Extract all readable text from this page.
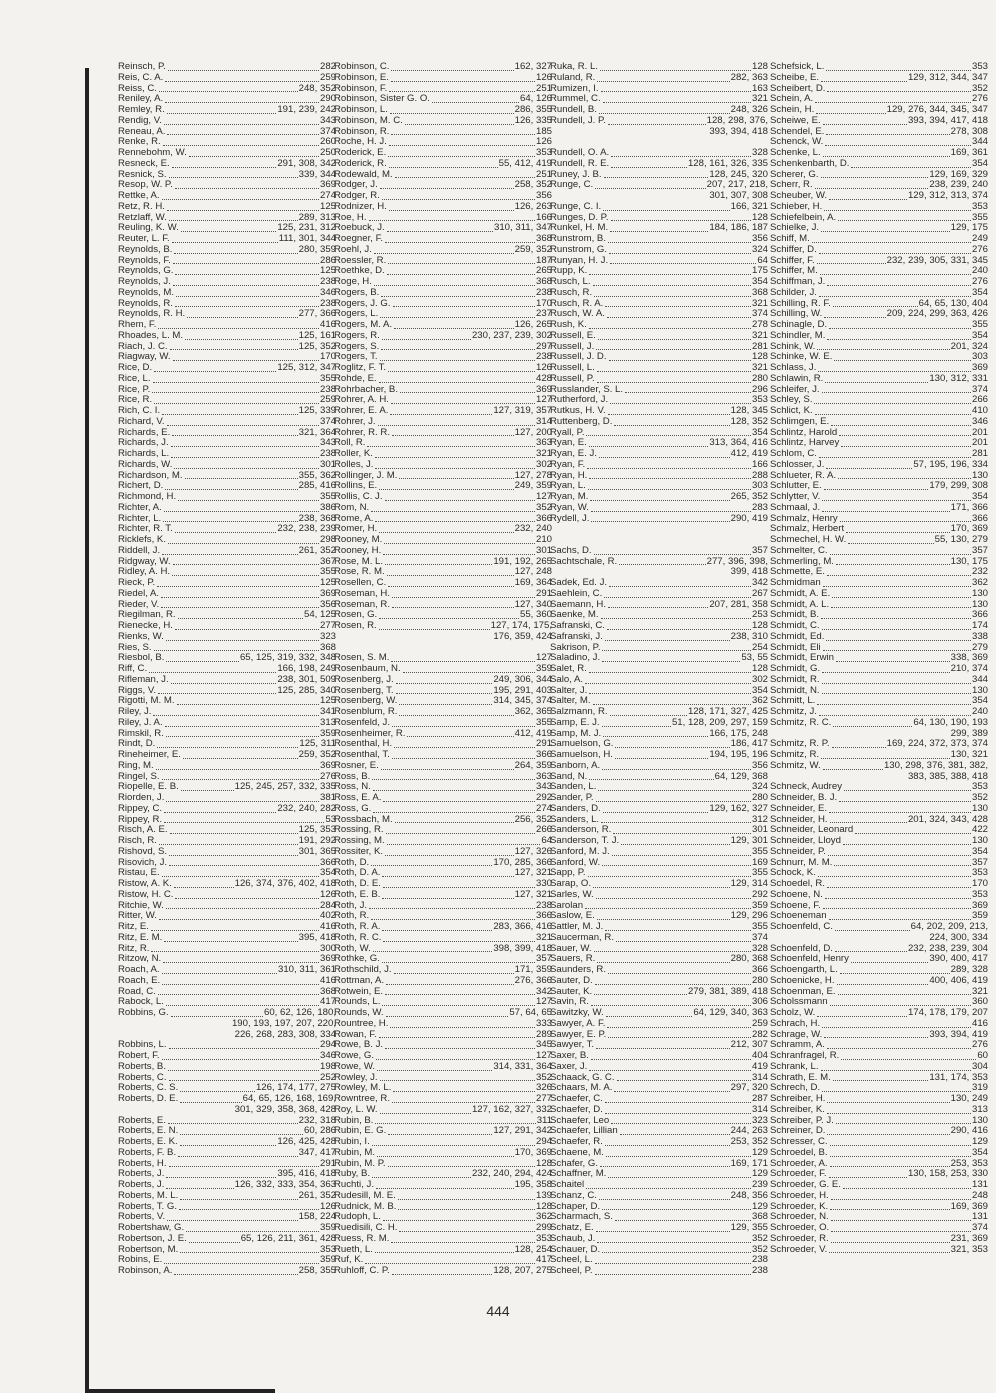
Reinsch, P.	282
Reis, C. A.	259
Reiss, C.	248, 352
Reniley, A.	290
Remley, R.	191, 239, 242
Rendig, V.	343
Reneau, A.	374
Renke, R.	260
Rennebohm, W.	250
Resneck, E.	291, 308, 342
Resnick, S.	339, 344
Resop, W. P.	369
Rettke, A.	274
Retz, R. H.	125
Retzlaff, W.	289, 313
Reuling, K. W.	125, 231, 312
Reuter, L. F.	111, 301, 344
Reynolds, B.	280, 359
Reynolds, F.	286
Reynolds, G.	125
Reynolds, J.	238
Reynolds, M.	346
Reynolds, R.	238
Reynolds, R. H.	277, 366
Rhem, F.	416
Rhoades, L. M.	125, 161
Riach, J. C.	125, 352
Riagway, W.	170
Rice, D.	125, 312, 347
Rice, L.	355
Rice, P.	238
Rice, R.	259
Rich, C. I.	125, 339
Richard, V.	374
Richards, E.	321, 364
Richards, J.	343
Richards, L.	238
Richards, W.	301
Richardson, M.	355, 362
Richert, D.	285, 416
Richmond, H.	355
Richter, A.	386
Richter, L.	238, 368
Richter, R. T.	232, 238, 239
Ricklefs, K.	298
Riddell, J.	261, 352
Ridgway, W.	367
Ridley, A. H.	355
Rieck, P.	125
Riedel, A.	369
Rieder, V.	356
Riegilman, R.	54, 125
Rienecke, H.	277
Rienks, W.	323
Ries, S.	368
Riesbol, B.	65, 125, 319, 332, 348
Riff, C.	166, 198, 249
Rifleman, J.	238, 301, 509
Riggs, V.	125, 285, 340
Rigotti, M. M.	125
Riley, J.	341
Riley, J. A.	313
Rimskil, R.	359
Rindt, D.	125, 311
Rineheimer, E.	259, 352
Ring, M.	369
Ringel, S.	276
Riopelle, E. B.	125, 245, 257, 332, 335
Riorden, J.	381
Rippey, C.	232, 240, 282
Rippey, R.	53
Risch, A. E.	125, 353
Risch, R.	191, 292
Rishovd, S.	301, 365
Risovich, J.	366
Ristau, E.	354
Ristow, A. K.	126, 374, 376, 402, 418
Ristow, H. C.	126
Ritchie, W.	284
Ritter, W.	402
Ritz, E.	416
Ritz, E. M.	395, 418
Ritz, R.	300
Ritzow, N.	369
Roach, A.	310, 311, 361
Roach, E.	416
Road, C.	368
Rabock, L.	417
Robbins, G.	60, 62, 126, 180,
190, 193, 197, 207, 220,
226, 268, 283, 308, 334
Robbins, L.	294
Robert, F.	346
Roberts, B.	198
Roberts, C.	252
Roberts, C. S.	126, 174, 177, 275
Roberts, D. E.	64, 65, 126, 168, 169,
301, 329, 358, 368, 428
Roberts, E.	232, 318
Roberts, E. N.	60, 286
Roberts, E. K.	126, 425, 428
Roberts, F. B.	347, 417
Roberts, H.	291
Roberts, J.	395, 416, 418
Roberts, J.	126, 332, 333, 354, 363
Roberts, M. L.	261, 352
Roberts, T. G.	126
Roberts, V.	158, 224
Robertshaw, G.	359
Robertson, J. E.	65, 126, 211, 361, 428
Robertson, M.	353
Robins, E.	359
Robinson, A.	258, 355
Robinson, C.	162, 327
Robinson, E.	126
Robinson, F.	251
Robinson, Sister G. O.	64, 126
Robinson, L.	286, 355
Robinson, M. C.	126, 335
Robinson, R.	185
Roche, H. J.	126
Roderick, E.	353
Roderick, R.	55, 412, 419
Rodewald, M.	251
Rodger, J.	258, 352
Rodger, R.	356
Rodnizer, H.	126, 263
Roe, H.	166
Roebuck, J.	310, 311, 347
Roegner, F.	368
Roehl, J.	259, 352
Roessler, R.	187
Roethke, D.	265
Roge, H.	368
Rogers, B.	238
Rogers, J. G.	170
Rogers, L.	237
Rogers, M. A.	126, 265
Rogers, R.	230, 237, 239, 302
Rogers, S.	297
Rogers, T.	238
Roglitz, F. T.	126
Rohde, E.	428
Rohrbacher, B.	369
Rohrer, A. H.	127
Rohrer, E. A.	127, 319, 357
Rohrer, J.	314
Rohrer, R. R.	127, 200
Roll, R.	363
Roller, K.	321
Rolles, J.	302
Rollinger, J. M.	127, 278
Rollins, E.	249, 359
Rollis, C. J.	127
Rom, N.	352
Rome, A.	366
Romer, H.	232, 240
Rooney, M.	210
Rooney, H.	301
Rose, M. L.	191, 192, 265
Rose, R. M.	127, 248
Rosellen, C.	169, 364
Roseman, H.	291
Roseman, R.	127, 340
Rosen, G.	55, 360
Rosen, R.	127, 174, 175,
176, 359, 424
Rosen, S. M.	127
Rosenbaum, N.	359
Rosenberg, J.	249, 306, 344
Rosenberg, T.	195, 291, 403
Rosenberg, W.	314, 345, 374
Rosenblum, R.	362, 365
Rosenfeld, J.	355
Rosenheimer, R.	412, 419
Rosenthal, H.	291
Rosenthal, T.	366
Rosner, E.	264, 359
Ross, B.	363
Ross, N.	343
Ross, E. A.	292
Ross, G.	274
Rossbach, M.	256, 352
Rossing, R.	266
Rossing, M.	64
Rossiter, K.	127, 326
Roth, D.	170, 285, 366
Roth, D. A.	127, 321
Roth, D. E.	330
Roth, E. B.	127, 321
Roth, J.	238
Roth, R.	366
Roth, R. A.	283, 366, 416
Roth, R. C.	321
Roth, W.	398, 399, 418
Rothke, G.	357
Rothschild, J.	171, 359
Rottman, A.	276, 366
Rotwein, E.	342
Rounds, L.	127
Rounds, W.	57, 64, 65
Rountree, H.	333
Rowan, F.	289
Rowe, B. J.	345
Rowe, G.	127
Rowe, W.	314, 331, 364
Rowley, J.	352
Rowley, M. L.	326
Rowntree, R.	277
Roy, L. W.	127, 162, 327, 332
Rubin, B.	311
Rubin, E. G.	127, 291, 342
Rubin, I.	294
Rubin, M.	170, 369
Rubin, M. P.	128
Ruby, B.	232, 240, 294, 424
Ruchti, J.	195, 358
Rudesill, M. E.	139
Rudnick, M. B.	128
Rudoph, L.	362
Ruedisili, C. H.	299
Ruess, R. M.	353
Rueth, L.	128, 254
Ruf, K.	417
Ruhloff, C. P.	128, 207, 275
Ruka, R. L.	128
Ruland, R.	282, 363
Rumizen, I.	163
Rummel, C.	321
Rundell, B.	248, 326
Rundell, J. P.	128, 298, 376,
393, 394, 418
Rundell, O. A.	328
Rundell, R. E.	128, 161, 326, 335
Runey, J. B.	128, 245, 320
Runge, C.	207, 217, 218,
301, 307, 308
Runge, C. I.	166, 321
Runges, D. P.	128
Runkel, H. M.	184, 186, 187
Runstrom, B.	356
Runstrom, G.	324
Runyan, H. J.	64
Rupp, K.	175
Rusch, L.	354
Rusch, R.	368
Rusch, R. A.	321
Rusch, W. A.	374
Rush, K.	278
Russell, E.	321
Russell, J.	281
Russell, J. D.	128
Russell, L.	321
Russell, P.	280
Russlander, S. L.	296
Rutherford, J.	353
Rutkus, H. V.	128, 345
Ruttenberg, D.	128, 352
Ryall, P.	354
Ryan, E.	313, 364, 416
Ryan, E. J.	412, 419
Ryan, F.	166
Ryan, H.	288
Ryan, L.	303
Ryan, M.	265, 352
Ryan, W.	283
Rydell, J.	290, 419
Sachs, D.	357
Sachtschale, R.	277, 396, 398,
399, 418
Sadek, Ed. J.	342
Saehlein, C.	267
Saemann, H.	207, 281, 358
Saenke, M.	253
Safranski, C.	128
Safranski, J.	238, 310
Sakrison, P.	254
Saladino, J.	53, 55
Salet, R.	128
Salo, A.	302
Salter, J.	354
Salter, M.	362
Salzmann, R.	128, 171, 327, 425
Samp, E. J.	51, 128, 209, 297, 159
Samp, M. J.	166, 175, 248
Samuelson, G.	186, 417
Samuelson, H.	194, 195, 196
Sanborn, A.	356
Sand, N.	64, 129, 368
Sanden, L.	324
Sander, P.	280
Sanders, D.	129, 162, 327
Sanders, L.	312
Sanderson, R.	301
Sanderson, T. J.	129, 301
Sanford, M. J.	355
Sanford, W.	169
Sapp, P.	355
Sarap, O.	129, 314
Sarles, W.	292
Sarolan	359
Saslow, E.	129, 296
Sattler, M. J.	355
Saucerman, R.	374
Sauer, W.	328
Sauers, R.	280, 368
Saunders, R.	366
Sauter, D.	280
Sauter, K.	279, 381, 389, 418
Savin, R.	306
Sawitzky, W.	64, 129, 340, 363
Sawyer, A. F.	259
Sawyer, E. P.	282
Sawyer, T.	212, 307
Saxer, B.	404
Saxer, J.	419
Schaack, G. C.	314
Schaars, M. A.	297, 320
Schaefer, C.	287
Schaefer, D.	314
Schaefer, Leo	323
Schaefer, Lillian	244, 263
Schaefer, R.	253, 352
Schaene, M.	129
Schafer, G.	169, 171
Schaffner, M.	129
Schaitel	239
Schanz, C.	248, 356
Schaper, D.	129
Scharmach, S.	368
Schatz, E.	129, 355
Schaub, J.	352
Schauer, D.	352
Scheel, L.	238
Scheel, P.	238
Schefsick, L.	353
Scheibe, E.	129, 312, 344, 347
Scheibert, D.	352
Schein, A.	276
Schein, H.	129, 276, 344, 345, 347
Scheiwe, E.	393, 394, 417, 418
Schendel, E.	278, 308
Schenck, W.	344
Schenke, L.	169, 361
Schenkenbarth, D.	354
Scherer, G.	129, 169, 329
Scherr, R.	238, 239, 240
Scheuber, W.	129, 312, 313, 374
Schieber, H.	353
Schiefelbein, A.	355
Schielke, J.	129, 175
Schiff, M.	249
Schiffer, D.	276
Schiffer, F.	232, 239, 305, 331, 345
Schiffer, M.	240
Schiffman, J.	276
Schilder, J.	354
Schilling, R. F.	64, 65, 130, 404
Schilling, W.	209, 224, 299, 363, 426
Schinagle, D.	355
Schindler, M.	354
Schink, W.	201, 324
Schinke, W. E.	303
Schlass, J.	369
Schlawin, R.	130, 312, 331
Schleifer, J.	374
Schley, S.	266
Schlict, K.	410
Schlimgen, E.	346
Schlintz, Harold	201
Schlintz, Harvey	201
Schlom, C.	281
Schlosser, J.	57, 195, 196, 334
Schlueter, R. A.	130
Schlutter, E.	179, 299, 308
Schlytter, V.	354
Schmaal, J.	171, 366
Schmalz, Henry	366
Schmalz, Herbert	170, 369
Schmechel, H. W.	55, 130, 279
Schmelter, C.	357
Schmerling, M.	130, 175
Schmette, E.	232
Schmidman	362
Schmidt, A. E.	130
Schmidt, A. L.	130
Schmidt, B.	366
Schmidt, C.	174
Schmidt, Ed.	338
Schmidt, Eli	279
Schmidt, Erwin	338, 369
Schmidt, G.	210, 374
Schmidt, R.	344
Schmidt, N.	130
Schmitt, L.	354
Schmitz, J.	240
Schmitz, R. C.	64, 130, 190, 193
299, 389
Schmitz, R. P.	169, 224, 372, 373, 374
Schmitz, R.	130, 321
Schmitz, W.	130, 298, 376, 381, 382,
383, 385, 388, 418
Schneck, Audrey	353
Schneider, B. J.	352
Schneider, E.	130
Schneider, H.	201, 324, 343, 428
Schneider, Leonard	422
Schneider, Lloyd	130
Schneider, P.	354
Schnurr, M. M.	357
Schock, K.	353
Schoedel, R.	170
Schoene, N.	353
Schoene, F.	369
Schoeneman	359
Schoenfeld, C.	64, 202, 209, 213,
224, 300, 334
Schoenfeld, D.	232, 238, 239, 304
Schoenfeld, Henry	390, 400, 417
Schoengarth, L.	289, 328
Schoenicke, H.	400, 406, 419
Schoenman, E.	321
Scholssmann	360
Scholz, W.	174, 178, 179, 207
Schrach, H.	416
Schrage, W.	393, 394, 419
Schramm, A.	276
Schranfragel, R.	60
Schrank, L.	304
Schrath, E. M.	131, 174, 353
Schrech, D.	319
Schreiber, H.	130, 249
Schreiber, K.	313
Schreiber, P. J.	130
Schreiner, D.	290, 416
Schresser, C.	129
Schroedel, B.	354
Schroeder, A.	253, 353
Schroeder, F.	130, 158, 253, 330
Schroeder, G. E.	131
Schroeder, H.	248
Schroeder, K.	169, 369
Schroeder, N.	131
Schroeder, O.	374
Schroeder, R.	231, 369
Schroeder, V.	321, 353
444
